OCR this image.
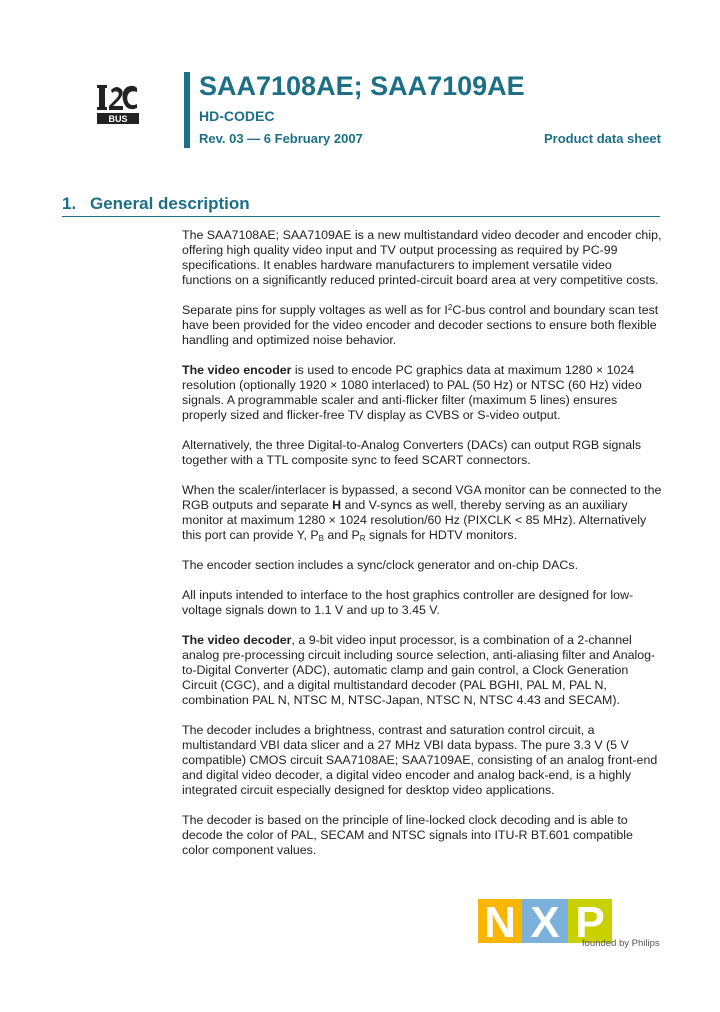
BUS
SAA7108AE; SAA7109AE
HD-CODEC
Rev. 03 — 6 February 2007	Product data sheet
1. General description

The SAA7108AE; SAA7109AE is a new multistandard video decoder and encoder chip, offering high quality video input and TV output processing as required by PC-99 specifications. It enables hardware manufacturers to implement versatile video functions on a significantly reduced printed-circuit board area at very competitive costs.

Separate pins for supply voltages as well as for $I^2C$-bus control and boundary scan test have been provided for the video encoder and decoder sections to ensure both flexible handling and optimized noise behavior.

The video encoder is used to encode PC graphics data at maximum 1280 × 1024 resolution (optionally 1920 × 1080 interlaced) to PAL (50 Hz) or NTSC (60 Hz) video signals. A programmable scaler and anti-flicker filter (maximum 5 lines) ensures properly sized and flicker-free TV display as CVBS or S-video output.

Alternatively, the three Digital-to-Analog Converters (DACs) can output RGB signals together with a TTL composite sync to feed SCART connectors.

When the scaler/interlacer is bypassed, a second VGA monitor can be connected to the RGB outputs and separate H and V-syncs as well, thereby serving as an auxiliary monitor at maximum 1280 × 1024 resolution/60 Hz (PIXCLK < 85 MHz). Alternatively this port can provide Y, $P_B$ and $P_R$ signals for HDTV monitors.

The encoder section includes a sync/clock generator and on-chip DACs.

All inputs intended to interface to the host graphics controller are designed for low-voltage signals down to 1.1 V and up to 3.45 V.

The video decoder, a 9-bit video input processor, is a combination of a 2-channel analog pre-processing circuit including source selection, anti-aliasing filter and Analog-to-Digital Converter (ADC), automatic clamp and gain control, a Clock Generation Circuit (CGC), and a digital multistandard decoder (PAL BGHI, PAL M, PAL N, combination PAL N, NTSC M, NTSC-Japan, NTSC N, NTSC 4.43 and SECAM).

The decoder includes a brightness, contrast and saturation control circuit, a multistandard VBI data slicer and a 27 MHz VBI data bypass. The pure 3.3 V (5 V compatible) CMOS circuit SAA7108AE; SAA7109AE, consisting of an analog front-end and digital video decoder, a digital video encoder and analog back-end, is a highly integrated circuit especially designed for desktop video applications.

The decoder is based on the principle of line-locked clock decoding and is able to decode the color of PAL, SECAM and NTSC signals into ITU-R BT.601 compatible color component values.

N X P
founded by Philips
